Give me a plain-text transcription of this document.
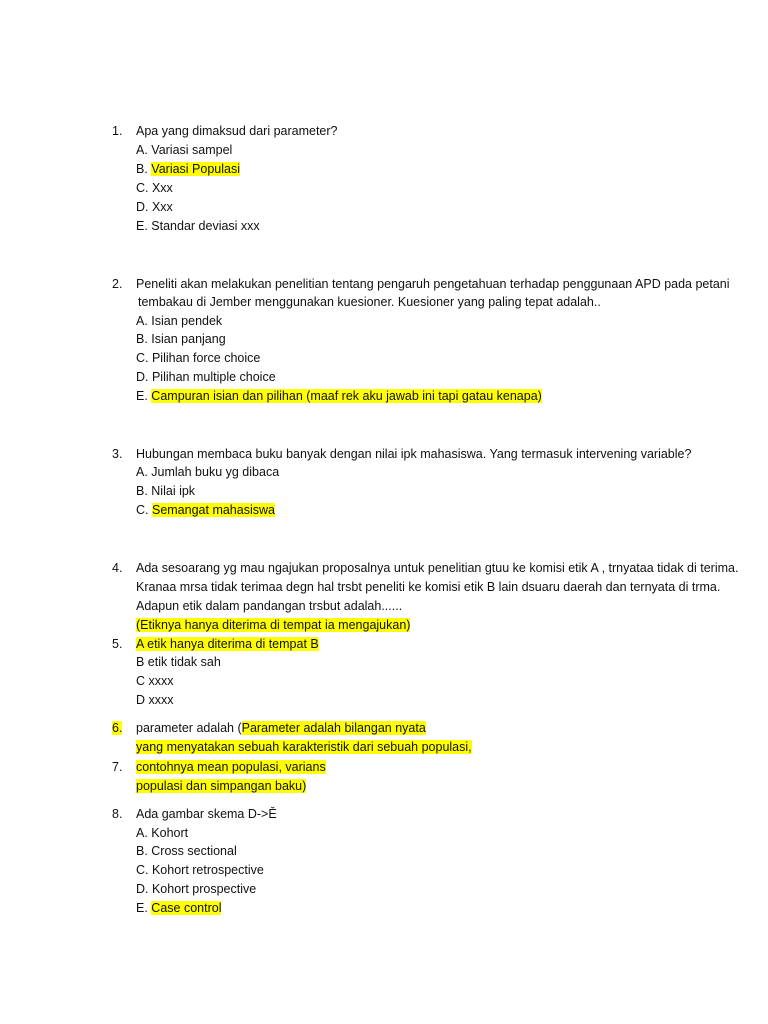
1. Apa yang dimaksud dari parameter?
A. Variasi sampel
B. Variasi Populasi
C. Xxx
D. Xxx
E. Standar deviasi xxx
2. Peneliti akan melakukan penelitian tentang pengaruh pengetahuan terhadap penggunaan APD pada petani
tembakau di Jember menggunakan kuesioner. Kuesioner yang paling tepat adalah..
A. Isian pendek
B. Isian panjang
C. Pilihan force choice
D. Pilihan multiple choice
E. Campuran isian dan pilihan (maaf rek aku jawab ini tapi gatau kenapa)
3. Hubungan membaca buku banyak dengan nilai ipk mahasiswa. Yang termasuk intervening variable?
A. Jumlah buku yg dibaca
B. Nilai ipk
C. Semangat mahasiswa
4. Ada sesoarang yg mau ngajukan proposalnya untuk penelitian gtuu ke komisi etik A , trnyataa tidak di terima.
Kranaa mrsa tidak terimaa degn hal trsbt peneliti ke komisi etik B lain dsuaru daerah dan ternyata di trma.
Adapun etik dalam pandangan trsbut adalah......
(Etiknya hanya diterima di tempat ia mengajukan)
5. A etik hanya diterima di tempat B
B etik tidak sah
C xxxx
D xxxx
6. parameter adalah (Parameter adalah bilangan nyata
yang menyatakan sebuah karakteristik dari sebuah populasi,
7. contohnya mean populasi, varians
populasi dan simpangan baku)
8. Ada gambar skema D->Ě
A. Kohort
B. Cross sectional
C. Kohort retrospective
D. Kohort prospective
E. Case control
